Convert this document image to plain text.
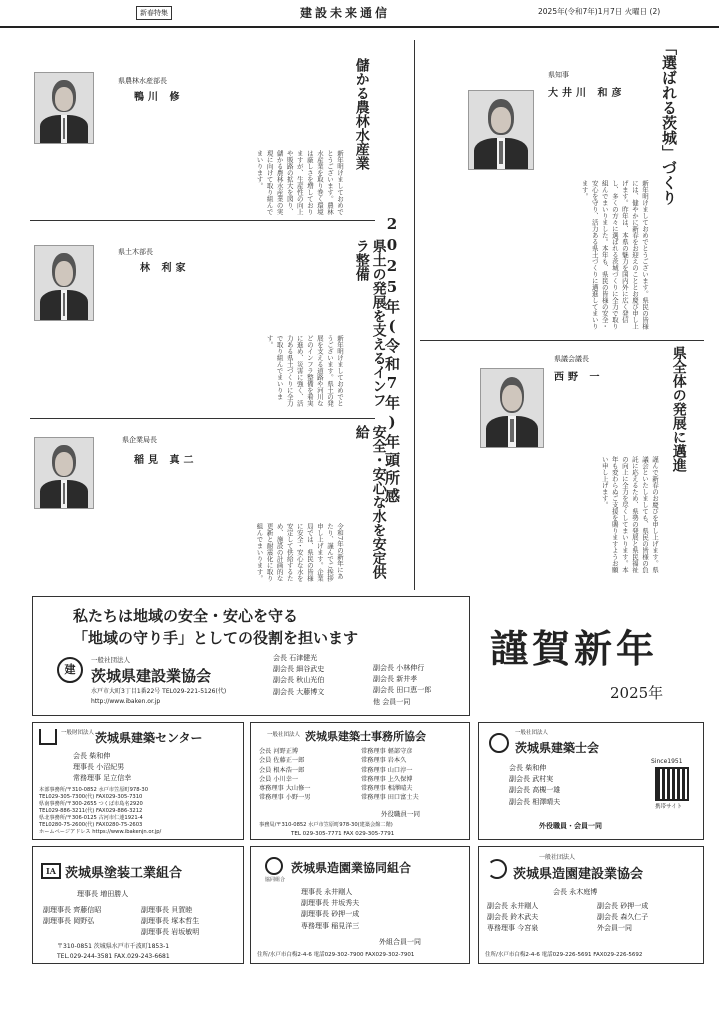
新春特集	建設未来通信	2025年(令和7年)1月7日 火曜日 (2)
2025年(令和7年)年頭所感
「選ばれる茨城」づくり
新年明けましておめでとうございます。県民の皆様には、健やかに新春をお迎えのこととお慶び申し上げます。昨年は、本県の魅力を国内外に広く発信し、多くの方々に選ばれる茨城づくりに全力で取り組んでまいりました。本年も、県民の皆様の安全・安心を守り、活力ある県土づくりに邁進してまいります。
県知事
大井川 和彦
県全体の発展に邁進
謹んで新春のお慶びを申し上げます。県議会といたしましても、県民の皆様の負託に応えるため、県勢の発展と県民福祉の向上に全力を尽くしてまいります。本年も変わらぬご支援を賜りますようお願い申し上げます。
県議会議長
西野 一
儲かる農林水産業
新年明けましておめでとうございます。農林水産業を取り巻く環境は厳しさを増しておりますが、生産性の向上や販路の拡大を図り、儲かる農林水産業の実現に向けて取り組んでまいります。
県農林水産部長
鴨川 修
県土の発展を支えるインフラ整備
新年明けましておめでとうございます。県土の発展を支える道路や河川などのインフラ整備を着実に進め、災害に強く、活力ある県土づくりに全力で取り組んでまいります。
県土木部長
林 利家
安全・安心な水を安定供給
令和7年の新年にあたり、謹んでご挨拶申し上げます。企業局では、県民の皆様に安全・安心な水を安定して供給するため、施設の計画的な更新と耐震化に取り組んでまいります。
県企業局長
稲見 真二
私たちは地域の安全・安心を守る
「地域の守り手」としての役割を担います
建
一般社団法人
茨城県建設業協会
水戸市大町3丁目1番22号 TEL029-221-5126(代)
http://www.ibaken.or.jp
会長 石津健光
副会長 細谷武史
副会長 秋山光伯
副会長 大藤博文
副会長 小林伸行
副会長 新井孝
副会長 田口恵一郎
他 会員一同
謹賀新年
2025年
一般財団法人 茨城県建築センター
会長 柴和伸
理事長 小沼紀男
常務理事 足立信幸
本部事務所/〒310-0852 水戸市笠原町978-30
TEL029-305-7300(代) FAX029-305-7310
県南事務所/〒300-2655 つくば市島名2920
TEL029-886-3211(代) FAX029-886-3212
県北事務所/〒306-0125 古河市仁連1921-4
TEL0280-75-2600(代) FAX0280-75-2603
ホームページアドレス https://www.ibakenjn.or.jp/
一般社団法人 茨城県建築士事務所協会
会長 河野正博
会員 佐藤正一郎
会員 根本浩一郎
会員 小川幸一
専務理事 大山修一
常務理事 小野一男
常務理事 軽部守彦
常務理事 岩本久
常務理事 山口淳一
常務理事 上久保博
常務理事 相澤晴夫
常務理事 田口富士夫
外役職員一同
事務局/〒310-0852 水戸市笠原町978-30(建築会館二階)
TEL 029-305-7771 FAX 029-305-7791
一般社団法人
茨城県建築士会
会長 柴和伸
副会長 武村実
副会長 高槻一雄
副会長 相澤晴夫
Since1951
携帯サイト
外役職員・会員一同
IA 茨城県塗装工業組合
理事長 増田勝人
副理事長 齊藤信昭
副理事長 岡野弘
副理事長 貝賀睦
副理事長 塚本哲生
副理事長 岩坂敏明
〒310-0851 茨城県水戸市千波町1853-1
TEL.029-244-3581 FAX.029-243-6681
協同組合
茨城県造園業協同組合
理事長 永井剛人
副理事長 井坂秀夫
副理事長 砂押一成
専務理事 稲見洋三
外組合員一同
住所/水戸市白梅2-4-6 電話029-302-7900 FAX029-302-7901
一般社団法人
茨城県造園建設業協会
会長 永木庭博
副会長 永井剛人
副会長 鈴木武夫
専務理事 今宮泉
副会長 砂押一成
副会長 森久仁子
外会員一同
住所/水戸市白梅2-4-6 電話029-226-5691 FAX029-226-5692
